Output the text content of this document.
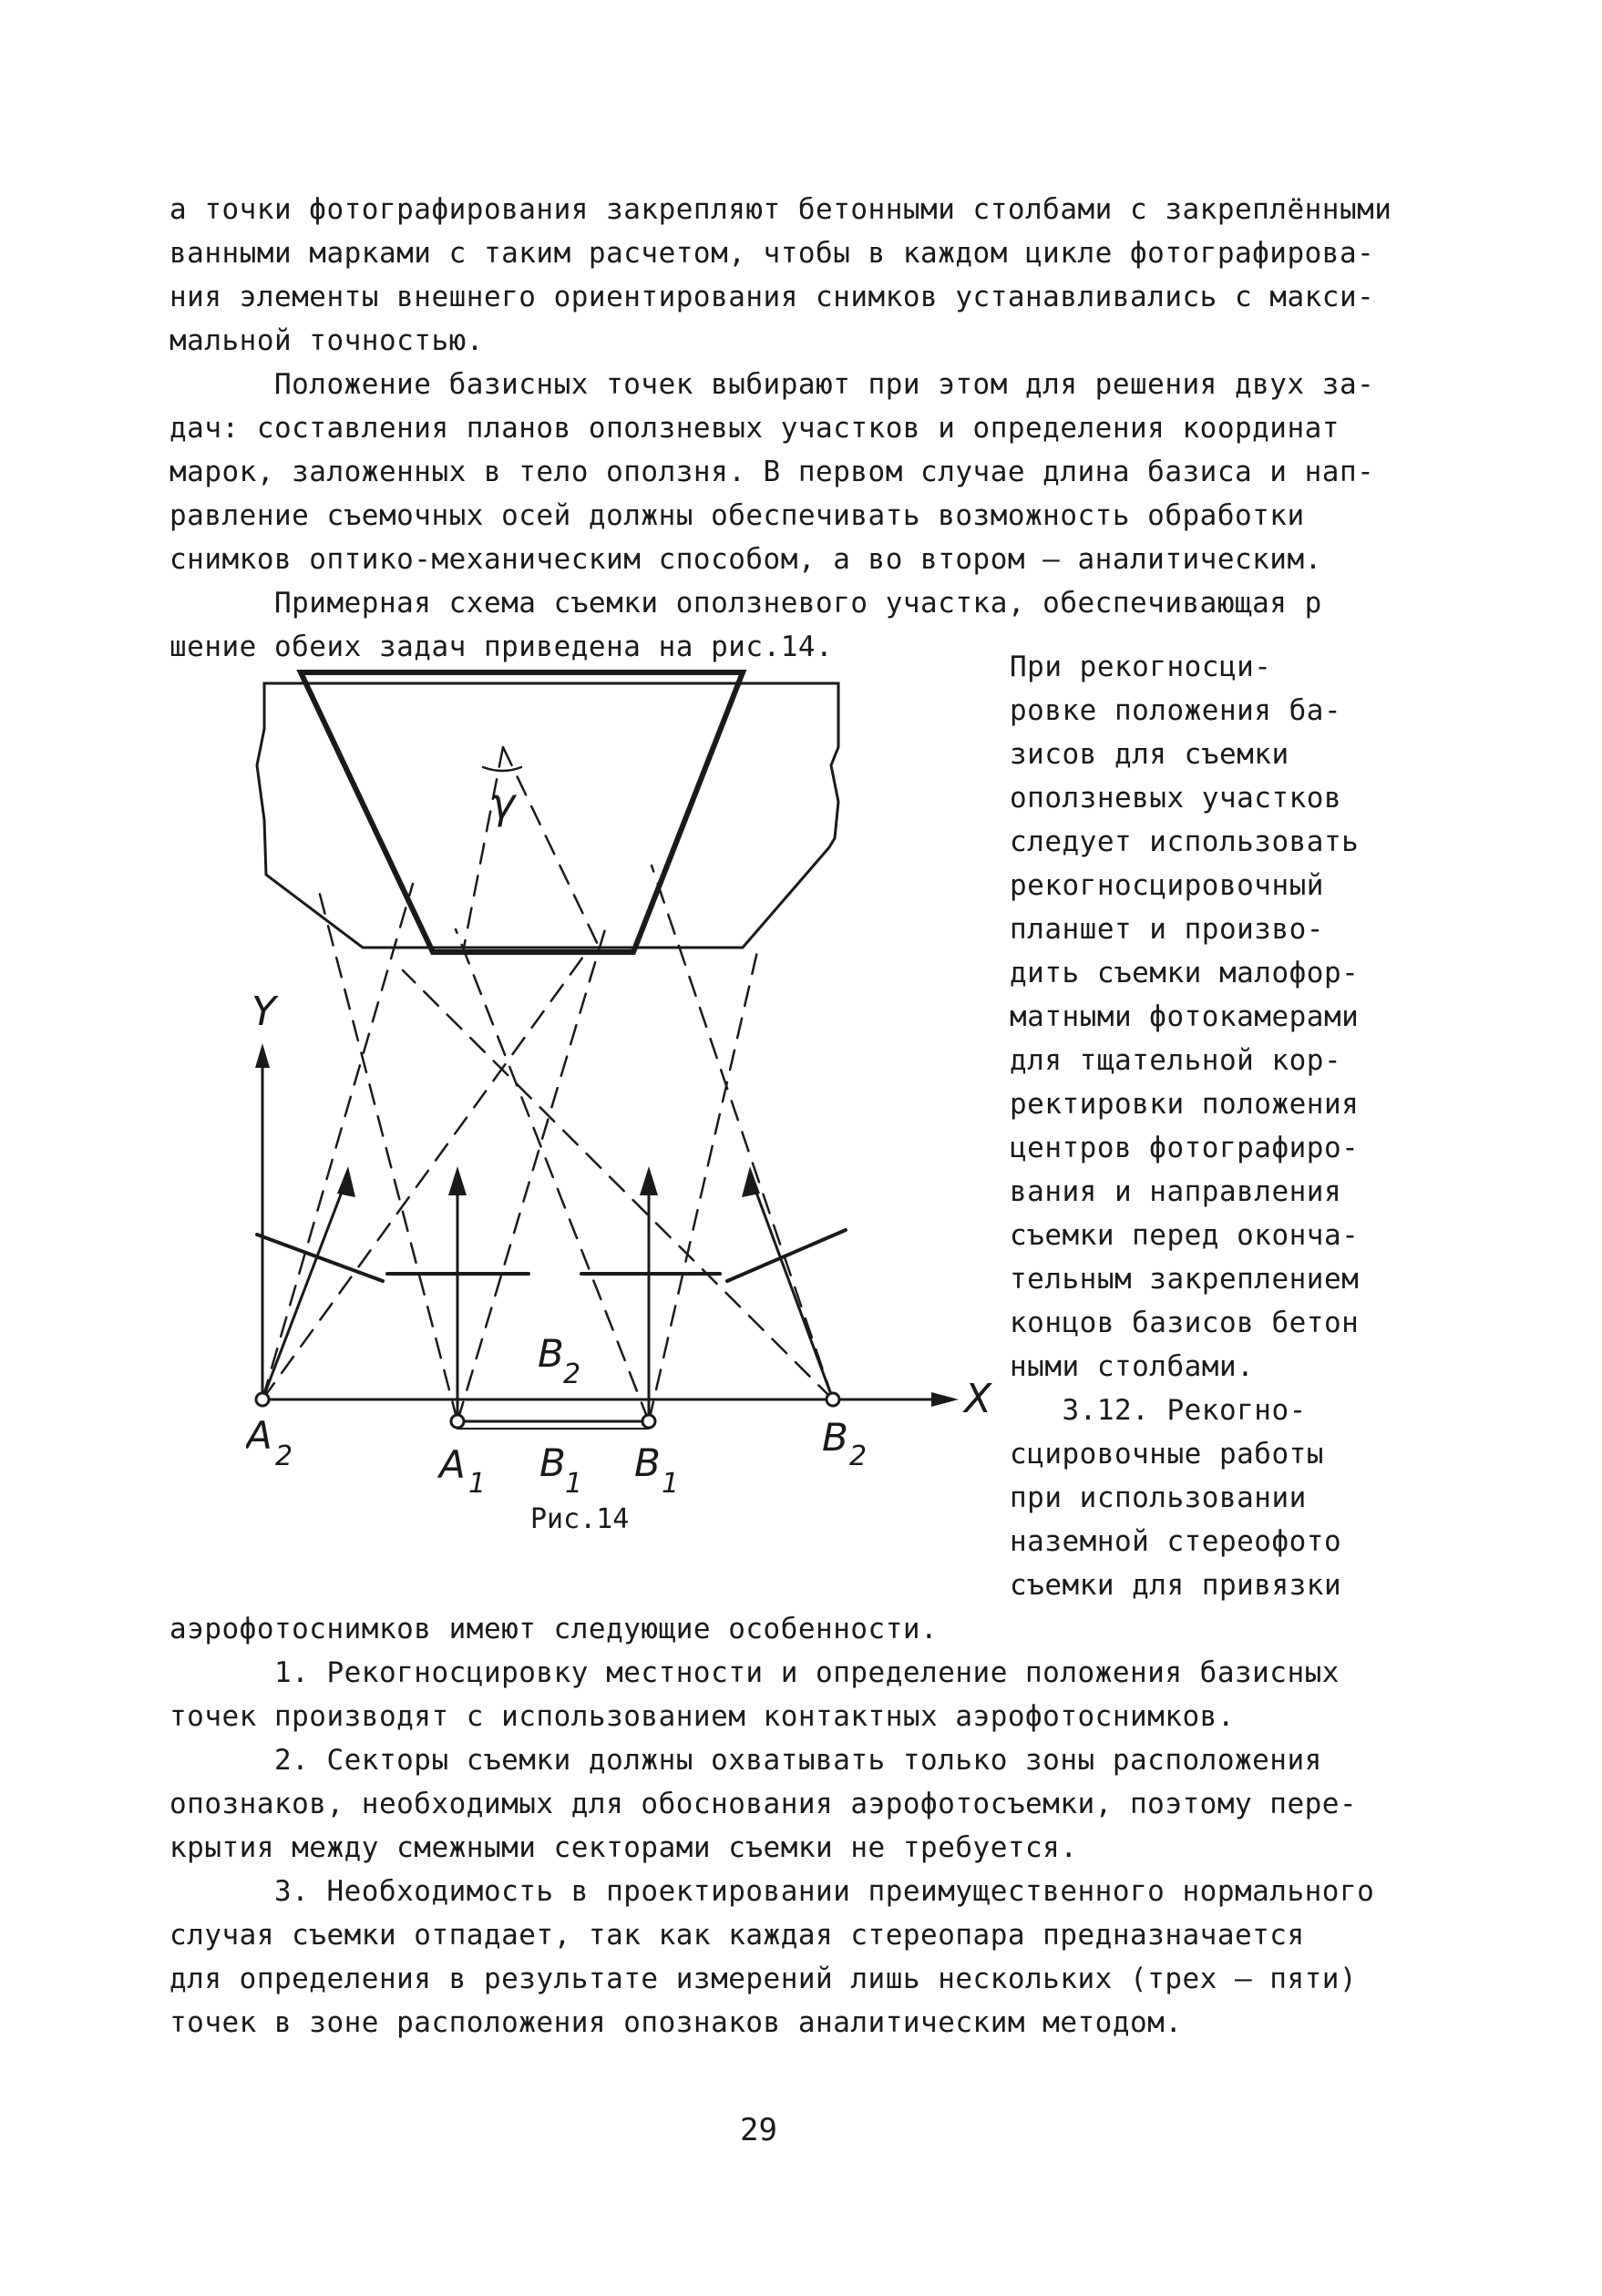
а точки фотографирования закрепляют бетонными столбами с закреплёнными
ванными марками с таким расчетом, чтобы в каждом цикле фотографирова-
ния элементы внешнего ориентирования снимков устанавливались с макси-
мальной точностью.
Положение базисных точек выбирают при этом для решения двух за-
дач: составления планов оползневых участков и определения координат
марок, заложенных в тело оползня. В первом случае длина базиса и нап-
равление съемочных осей должны обеспечивать возможность обработки
снимков оптико-механическим способом, а во втором – аналитическим.
Примерная схема съемки оползневого участка, обеспечивающая р
шение обеих задач приведена на рис.14.
При рекогносци-
ровке положения ба-
зисов для съемки
оползневых участков
следует использовать
рекогносцировочный
планшет и произво-
дить съемки малофор-
матными фотокамерами
для тщательной кор-
ректировки положения
центров фотографиро-
вания и направления
съемки перед оконча-
тельным закреплением
концов базисов бетон
ными столбами.
3.12. Рекогно-
сцировочные работы
при использовании
наземной стереофото
съемки для привязки
Y
X
γ
A 2	A 1	B 1
B 2
B 1
B 2
Рис.14
аэрофотоснимков имеют следующие особенности.
1. Рекогносцировку местности и определение положения базисных
точек производят с использованием контактных аэрофотоснимков.
2. Секторы съемки должны охватывать только зоны расположения
опознаков, необходимых для обоснования аэрофотосъемки, поэтому пере-
крытия между смежными секторами съемки не требуется.
3. Необходимость в проектировании преимущественного нормального
случая съемки отпадает, так как каждая стереопара предназначается
для определения в результате измерений лишь нескольких (трех – пяти)
точек в зоне расположения опознаков аналитическим методом.
29
